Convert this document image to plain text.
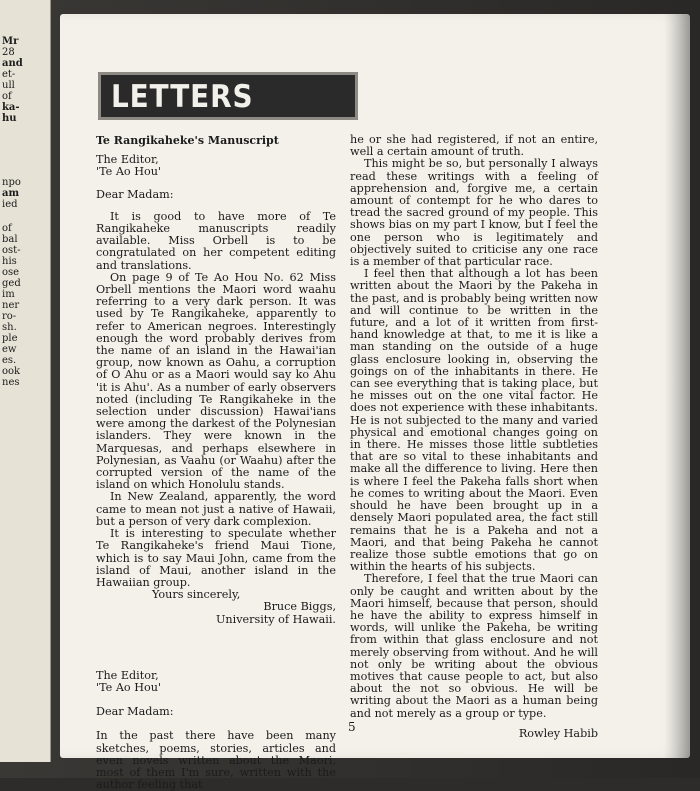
Mr
28
and
et-
ull
of
ka-
hu
npo
am
ied
of
bal
ost-
his
ose
ged
im
ner
ro-
sh.
ple
ew
es.
ook
nes
LETTERS

Te Rangikaheke's Manuscript

The Editor,

'Te Ao Hou'

Dear Madam:

It is good to have more of Te Rangikaheke manuscripts readily available. Miss Orbell is to be congratulated on her competent editing and translations.

On page 9 of Te Ao Hou No. 62 Miss Orbell mentions the Maori word waahu referring to a very dark person. It was used by Te Rangikaheke, apparently to refer to American negroes. Interestingly enough the word probably derives from the name of an island in the Hawai'ian group, now known as Oahu, a corruption of O Ahu or as a Maori would say ko Ahu 'it is Ahu'. As a number of early observers noted (including Te Rangikaheke in the selection under discussion) Hawai'ians were among the darkest of the Polynesian islanders. They were known in the Marquesas, and perhaps elsewhere in Polynesian, as Vaahu (or Waahu) after the corrupted version of the name of the island on which Honolulu stands.

In New Zealand, apparently, the word came to mean not just a native of Hawaii, but a person of very dark complexion.

It is interesting to speculate whether Te Rangikaheke's friend Maui Tione, which is to say Maui John, came from the island of Maui, another island in the Hawaiian group.

Yours sincerely,

Bruce Biggs,

University of Hawaii.

The Editor,

'Te Ao Hou'

Dear Madam:

In the past there have been many sketches, poems, stories, articles and even novels written about the Maori, most of them I'm sure, written with the author feeling that

he or she had registered, if not an entire, well a certain amount of truth.

This might be so, but personally I always read these writings with a feeling of apprehension and, forgive me, a certain amount of contempt for he who dares to tread the sacred ground of my people. This shows bias on my part I know, but I feel the one person who is legitimately and objectively suited to criticise any one race is a member of that particular race.

I feel then that although a lot has been written about the Maori by the Pakeha in the past, and is probably being written now and will continue to be written in the future, and a lot of it written from first-hand knowledge at that, to me it is like a man standing on the outside of a huge glass enclosure looking in, observing the goings on of the inhabitants in there. He can see everything that is taking place, but he misses out on the one vital factor. He does not experience with these inhabitants. He is not subjected to the many and varied physical and emotional changes going on in there. He misses those little subtleties that are so vital to these inhabitants and make all the difference to living. Here then is where I feel the Pakeha falls short when he comes to writing about the Maori. Even should he have been brought up in a densely Maori populated area, the fact still remains that he is a Pakeha and not a Maori, and that being Pakeha he cannot realize those subtle emotions that go on within the hearts of his subjects.

Therefore, I feel that the true Maori can only be caught and written about by the Maori himself, because that person, should he have the ability to express himself in words, will unlike the Pakeha, be writing from within that glass enclosure and not merely observing from without. And he will not only be writing about the obvious motives that cause people to act, but also about the not so obvious. He will be writing about the Maori as a human being and not merely as a group or type.

Rowley Habib

5
